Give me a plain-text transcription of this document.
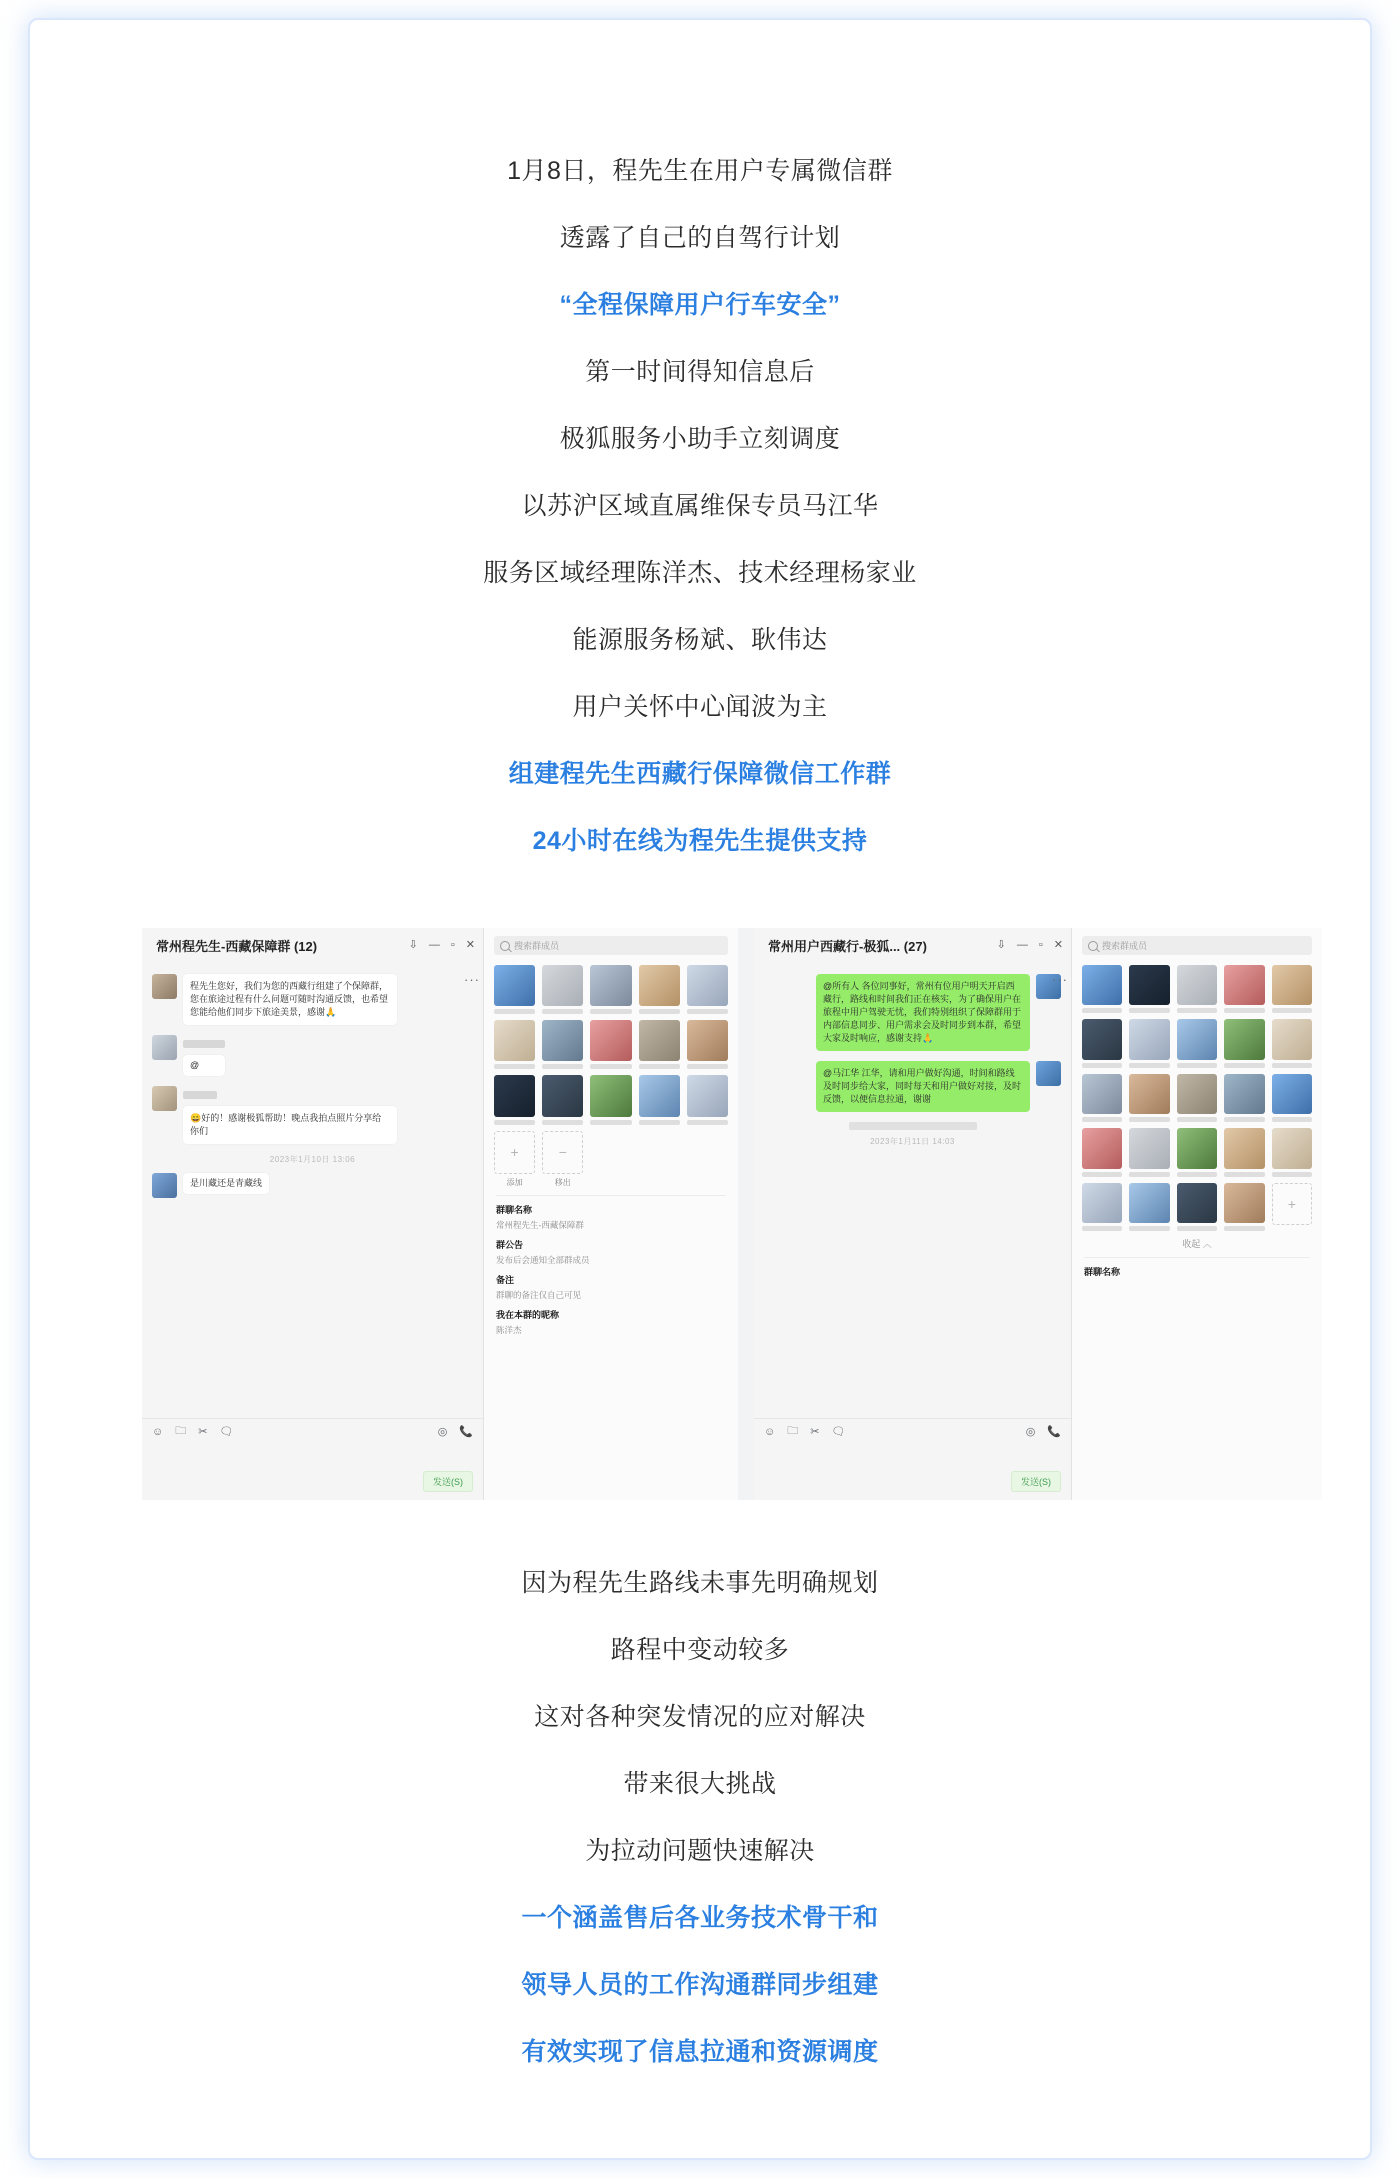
1月8日，程先生在用户专属微信群
透露了自己的自驾行计划
“全程保障用户行车安全”
第一时间得知信息后
极狐服务小助手立刻调度
以苏沪区域直属维保专员马江华
服务区域经理陈洋杰、技术经理杨家业
能源服务杨斌、耿伟达
用户关怀中心闻波为主
组建程先生西藏行保障微信工作群
24小时在线为程先生提供支持
常州程先生-西藏保障群 (12)	⇩ — ▫ ✕
程先生您好，我们为您的西藏行组建了个保障群，您在旅途过程有什么问题可随时沟通反馈，也希望您能给他们同步下旅途美景，感谢🙏
@
😄好的！感谢极狐帮助！晚点我拍点照片分享给你们
2023年1月10日 13:06
是川藏还是青藏线
☺ 🗀 ✂ 🗨	◎ 📞
发送(S)
搜索群成员
+
添加
−	移出
群聊名称
常州程先生-西藏保障群
群公告
发布后会通知全部群成员
备注
群聊的备注仅自己可见
我在本群的昵称
陈洋杰
···
常州用户西藏行-极狐... (27)	⇩ — ▫ ✕
@所有人 各位同事好，常州有位用户明天开启西藏行，路线和时间我们正在核实，为了确保用户在旅程中用户驾驶无忧，我们特别组织了保障群用于内部信息同步、用户需求会及时同步到本群，希望大家及时响应，感谢支持🙏
@马江华 江华，请和用户做好沟通，时间和路线及时同步给大家，同时每天和用户做好对接，及时反馈，以便信息拉通，谢谢
2023年1月11日 14:03
☺ 🗀 ✂ 🗨	◎ 📞
发送(S)
搜索群成员
+
收起 ︿
群聊名称
···
因为程先生路线未事先明确规划
路程中变动较多
这对各种突发情况的应对解决
带来很大挑战
为拉动问题快速解决
一个涵盖售后各业务技术骨干和
领导人员的工作沟通群同步组建
有效实现了信息拉通和资源调度
